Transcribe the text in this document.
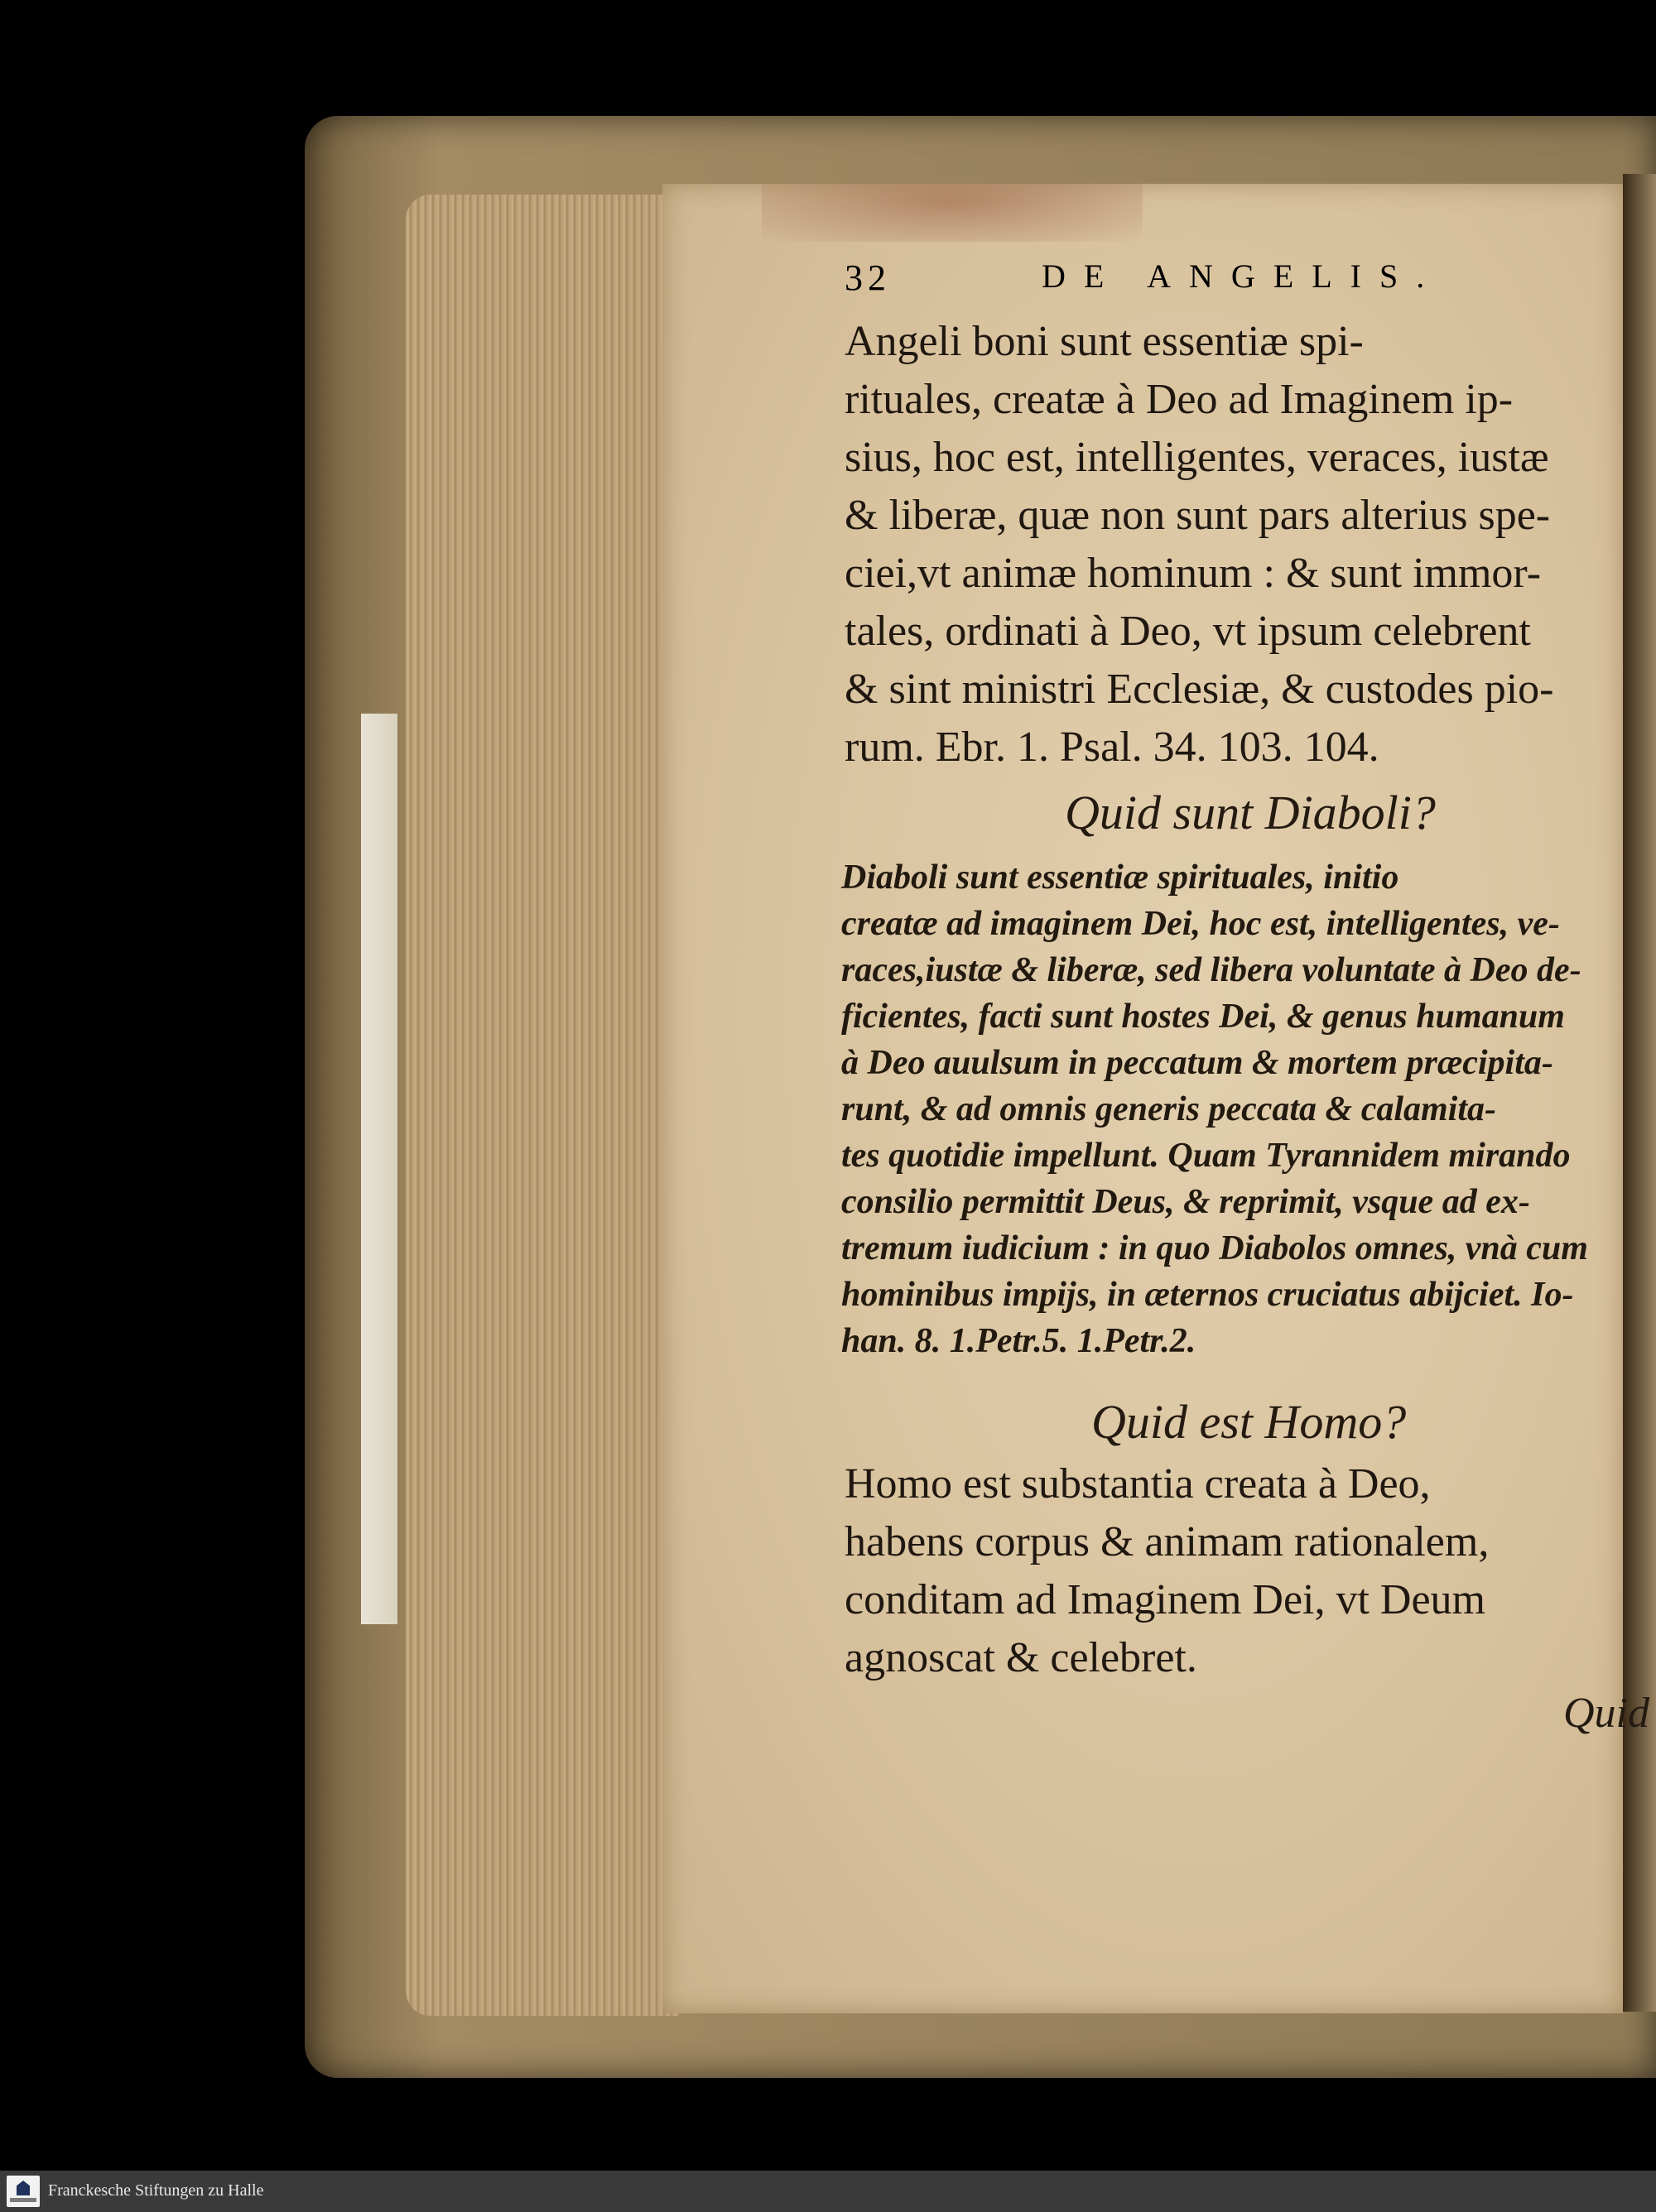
32	DE ANGELIS.
Angeli boni sunt essentiæ spi-
rituales, creatæ à Deo ad Imaginem ip-
sius, hoc est, intelligentes, veraces, iustæ
& liberæ, quæ non sunt pars alterius spe-
ciei,vt animæ hominum : & sunt immor-
tales, ordinati à Deo, vt ipsum celebrent
& sint ministri Ecclesiæ, & custodes pio-
rum. Ebr. 1. Psal. 34. 103. 104.
Quid sunt Diaboli?
Diaboli sunt essentiæ spirituales, initio
creatæ ad imaginem Dei, hoc est, intelligentes, ve-
races,iustæ & liberæ, sed libera voluntate à Deo de-
ficientes, facti sunt hostes Dei, & genus humanum
à Deo auulsum in peccatum & mortem præcipita-
runt, & ad omnis generis peccata & calamita-
tes quotidie impellunt. Quam Tyrannidem mirando
consilio permittit Deus, & reprimit, vsque ad ex-
tremum iudicium : in quo Diabolos omnes, vnà cum
hominibus impijs, in æternos cruciatus abijciet. Io-
han. 8. 1.Petr.5. 1.Petr.2.
Quid est Homo?
Homo est substantia creata à Deo,
habens corpus & animam rationalem,
conditam ad Imaginem Dei, vt Deum
agnoscat & celebret.
Quid
Franckesche Stiftungen zu Halle
